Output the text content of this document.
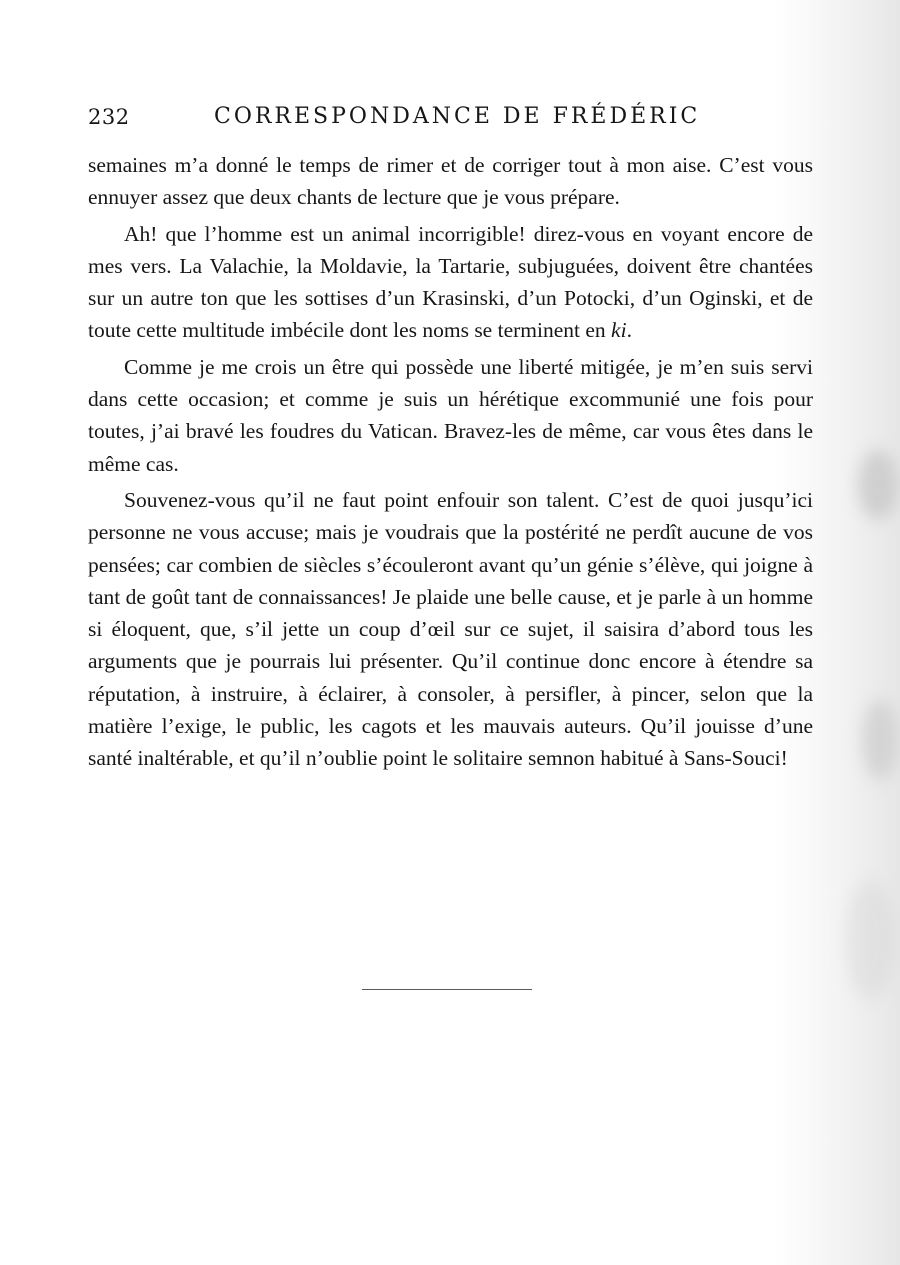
232	CORRESPONDANCE DE FRÉDÉRIC

semaines m’a donné le temps de rimer et de corriger tout à mon aise. C’est vous ennuyer assez que deux chants de lecture que je vous prépare.

Ah! que l’homme est un animal incorrigible! direz-vous en voyant encore de mes vers. La Valachie, la Moldavie, la Tartarie, subjuguées, doivent être chantées sur un autre ton que les sottises d’un Krasinski, d’un Potocki, d’un Oginski, et de toute cette multitude imbécile dont les noms se terminent en ki.

Comme je me crois un être qui possède une liberté mitigée, je m’en suis servi dans cette occasion; et comme je suis un hérétique excommunié une fois pour toutes, j’ai bravé les foudres du Vatican. Bravez-les de même, car vous êtes dans le même cas.

Souvenez-vous qu’il ne faut point enfouir son talent. C’est de quoi jusqu’ici personne ne vous accuse; mais je voudrais que la postérité ne perdît aucune de vos pensées; car combien de siècles s’écouleront avant qu’un génie s’élève, qui joigne à tant de goût tant de connaissances! Je plaide une belle cause, et je parle à un homme si éloquent, que, s’il jette un coup d’œil sur ce sujet, il saisira d’abord tous les arguments que je pourrais lui présenter. Qu’il continue donc encore à étendre sa réputation, à instruire, à éclairer, à consoler, à persifler, à pincer, selon que la matière l’exige, le public, les cagots et les mauvais auteurs. Qu’il jouisse d’une santé inaltérable, et qu’il n’oublie point le solitaire semnon habitué à Sans-Souci!
